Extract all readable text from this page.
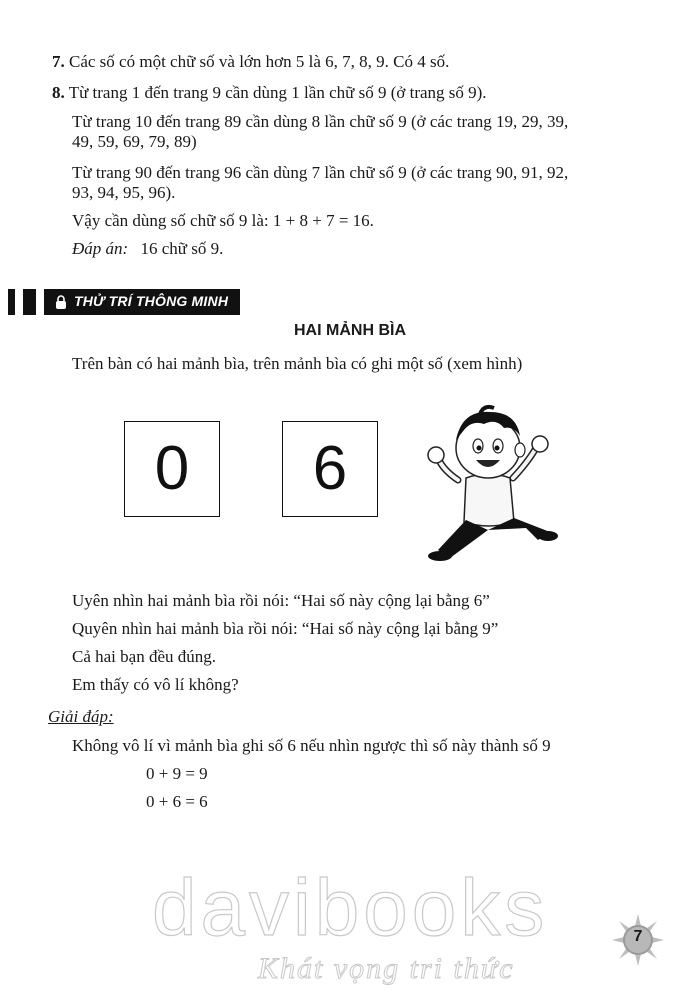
7. Các số có một chữ số và lớn hơn 5 là 6, 7, 8, 9. Có 4 số.
8. Từ trang 1 đến trang 9 cần dùng 1 lần chữ số 9 (ở trang số 9).
Từ trang 10 đến trang 89 cần dùng 8 lần chữ số 9 (ở các trang 19, 29, 39,
49, 59, 69, 79, 89)
Từ trang 90 đến trang 96 cần dùng 7 lần chữ số 9 (ở các trang 90, 91, 92,
93, 94, 95, 96).
Vậy cần dùng số chữ số 9 là: 1 + 8 + 7 = 16.
Đáp án: 16 chữ số 9.
THỬ TRÍ THÔNG MINH
HAI MẢNH BÌA
Trên bàn có hai mảnh bìa, trên mảnh bìa có ghi một số (xem hình)
0	6
Uyên nhìn hai mảnh bìa rồi nói: “Hai số này cộng lại bằng 6”
Quyên nhìn hai mảnh bìa rồi nói: “Hai số này cộng lại bằng 9”
Cả hai bạn đều đúng.
Em thấy có vô lí không?
Giải đáp:
Không vô lí vì mảnh bìa ghi số 6 nếu nhìn ngược thì số này thành số 9
0 + 9 = 9
0 + 6 = 6
davibooks
Khát vọng tri thức
7
